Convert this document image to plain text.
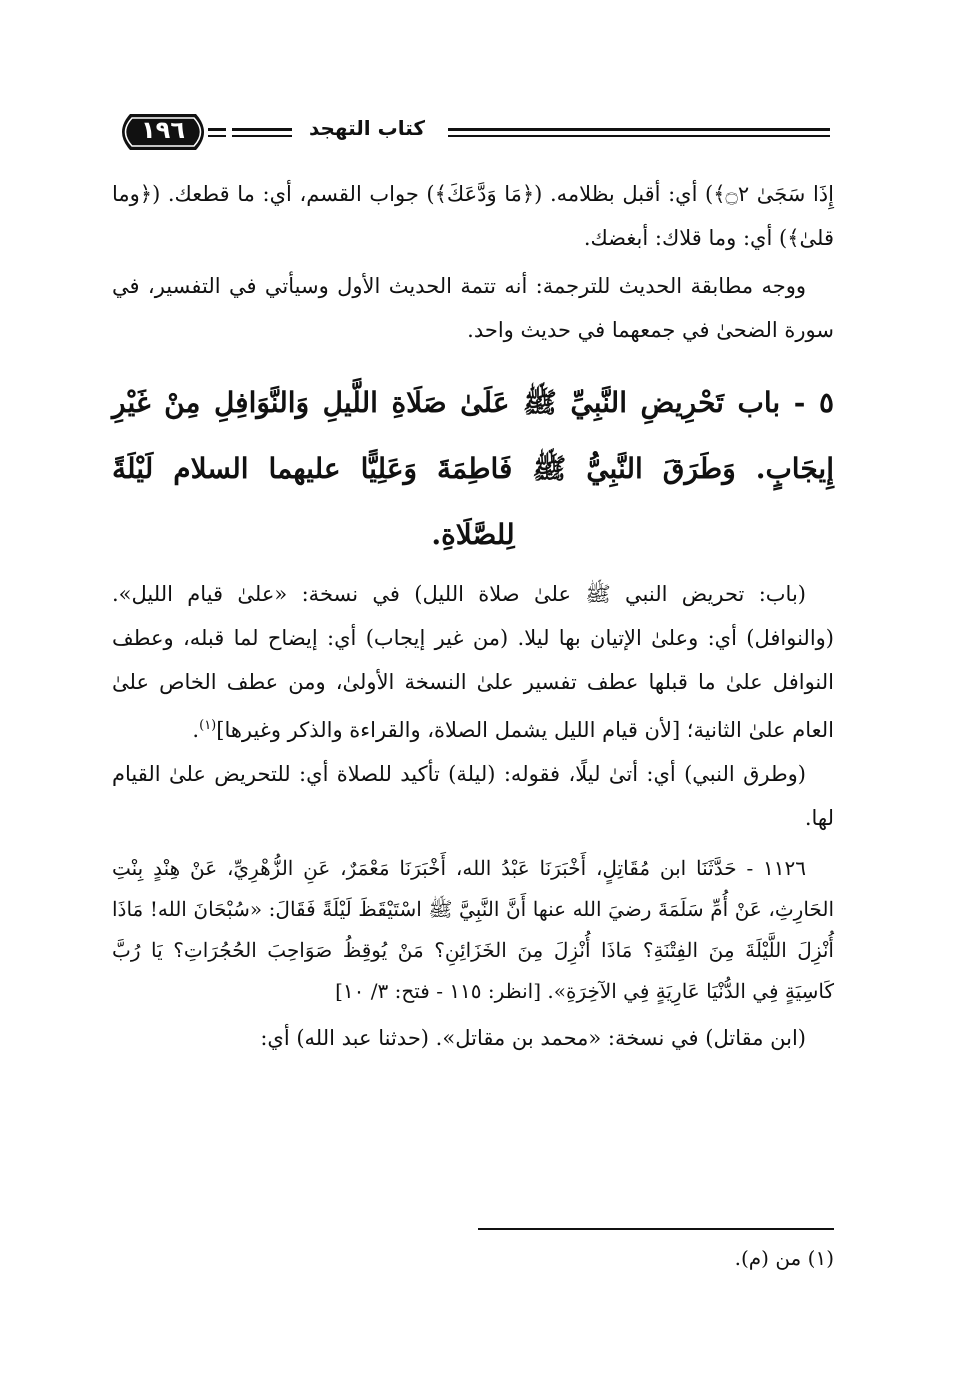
١٩٦	كتاب التهجد

إِذَا سَجَىٰ ۝٢﴾) أي: أقبل بظلامه. (﴿مَا وَدَّعَكَ﴾) جواب القسم، أي: ما قطعك. (﴿وما قلىٰ﴾) أي: وما قلاك: أبغضك.

ووجه مطابقة الحديث للترجمة: أنه تتمة الحديث الأول وسيأتي في التفسير، في سورة الضحىٰ في جمعهما في حديث واحد.

٥ - باب تَحْرِيضِ النَّبِيِّ ﷺ عَلَىٰ صَلَاةِ اللَّيلِ وَالنَّوَافِلِ مِنْ غَيْرِ إِيجَابٍ. وَطَرَقَ النَّبِيُّ ﷺ فَاطِمَةَ وَعَلِيًّا عليهما السلام لَيْلَةً لِلصَّلَاةِ.

(باب: تحريض النبي ﷺ علىٰ صلاة الليل) في نسخة: «علىٰ قيام الليل». (والنوافل) أي: وعلىٰ الإتيان بها ليلا. (من غير إيجاب) أي: إيضاح لما قبله، وعطف النوافل علىٰ ما قبلها عطف تفسير علىٰ النسخة الأولىٰ، ومن عطف الخاص علىٰ العام علىٰ الثانية؛ [لأن قيام الليل يشمل الصلاة، والقراءة والذكر وغيرها]$^{(١)}$.

(وطرق النبي) أي: أتىٰ ليلًا، فقوله: (ليلة) تأكيد للصلاة أي: للتحريض علىٰ القيام لها.

١١٢٦ - حَدَّثَنَا ابن مُقَاتِلٍ، أَخْبَرَنَا عَبْدُ الله، أَخْبَرَنَا مَعْمَرٌ، عَنِ الزُّهْرِيِّ، عَنْ هِنْدٍ بِنْتِ الحَارِثِ، عَنْ أُمِّ سَلَمَةَ رضيَ الله عنها أَنَّ النَّبِيَّ ﷺ اسْتَيْقَظَ لَيْلَةً فَقَالَ: «سُبْحَانَ الله! مَاذَا أُنْزِلَ اللَّيْلَةَ مِنَ الفِتْنَةِ؟ مَاذَا أُنْزِلَ مِنَ الخَزَائِنِ؟ مَنْ يُوقِظُ صَوَاحِبَ الحُجُرَاتِ؟ يَا رُبَّ كَاسِيَةٍ فِي الدُّنْيَا عَارِيَةٍ فِي الآخِرَةِ». [انظر: ١١٥ - فتح: ٣/ ١٠]

(ابن مقاتل) في نسخة: «محمد بن مقاتل». (حدثنا عبد الله) أي:

(١) من (م).
